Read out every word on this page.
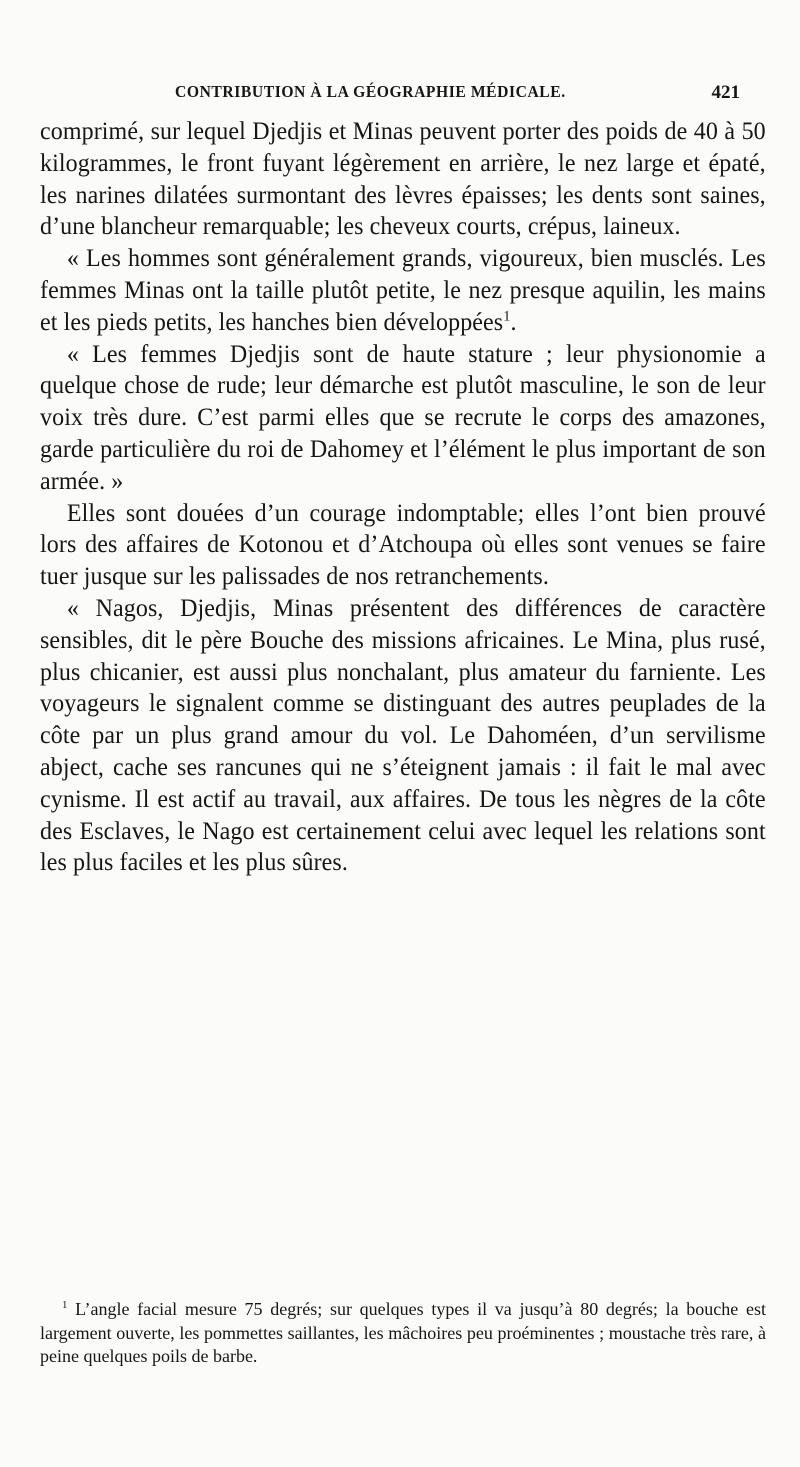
CONTRIBUTION À LA GÉOGRAPHIE MÉDICALE.	421

comprimé, sur lequel Djedjis et Minas peuvent porter des poids de 40 à 50 kilogrammes, le front fuyant légèrement en arrière, le nez large et épaté, les narines dilatées surmontant des lèvres épaisses; les dents sont saines, d’une blancheur remarquable; les cheveux courts, crépus, laineux.

« Les hommes sont généralement grands, vigoureux, bien musclés. Les femmes Minas ont la taille plutôt petite, le nez presque aquilin, les mains et les pieds petits, les hanches bien développées$^1$.

« Les femmes Djedjis sont de haute stature ; leur physionomie a quelque chose de rude; leur démarche est plutôt masculine, le son de leur voix très dure. C’est parmi elles que se recrute le corps des amazones, garde particulière du roi de Dahomey et l’élément le plus important de son armée. »

Elles sont douées d’un courage indomptable; elles l’ont bien prouvé lors des affaires de Kotonou et d’Atchoupa où elles sont venues se faire tuer jusque sur les palissades de nos retranchements.

« Nagos, Djedjis, Minas présentent des différences de caractère sensibles, dit le père Bouche des missions africaines. Le Mina, plus rusé, plus chicanier, est aussi plus nonchalant, plus amateur du farniente. Les voyageurs le signalent comme se distinguant des autres peuplades de la côte par un plus grand amour du vol. Le Dahoméen, d’un servilisme abject, cache ses rancunes qui ne s’éteignent jamais : il fait le mal avec cynisme. Il est actif au travail, aux affaires. De tous les nègres de la côte des Esclaves, le Nago est certainement celui avec lequel les relations sont les plus faciles et les plus sûres.

$^1$ L’angle facial mesure 75 degrés; sur quelques types il va jusqu’à 80 degrés; la bouche est largement ouverte, les pommettes saillantes, les mâchoires peu proéminentes ; moustache très rare, à peine quelques poils de barbe.
